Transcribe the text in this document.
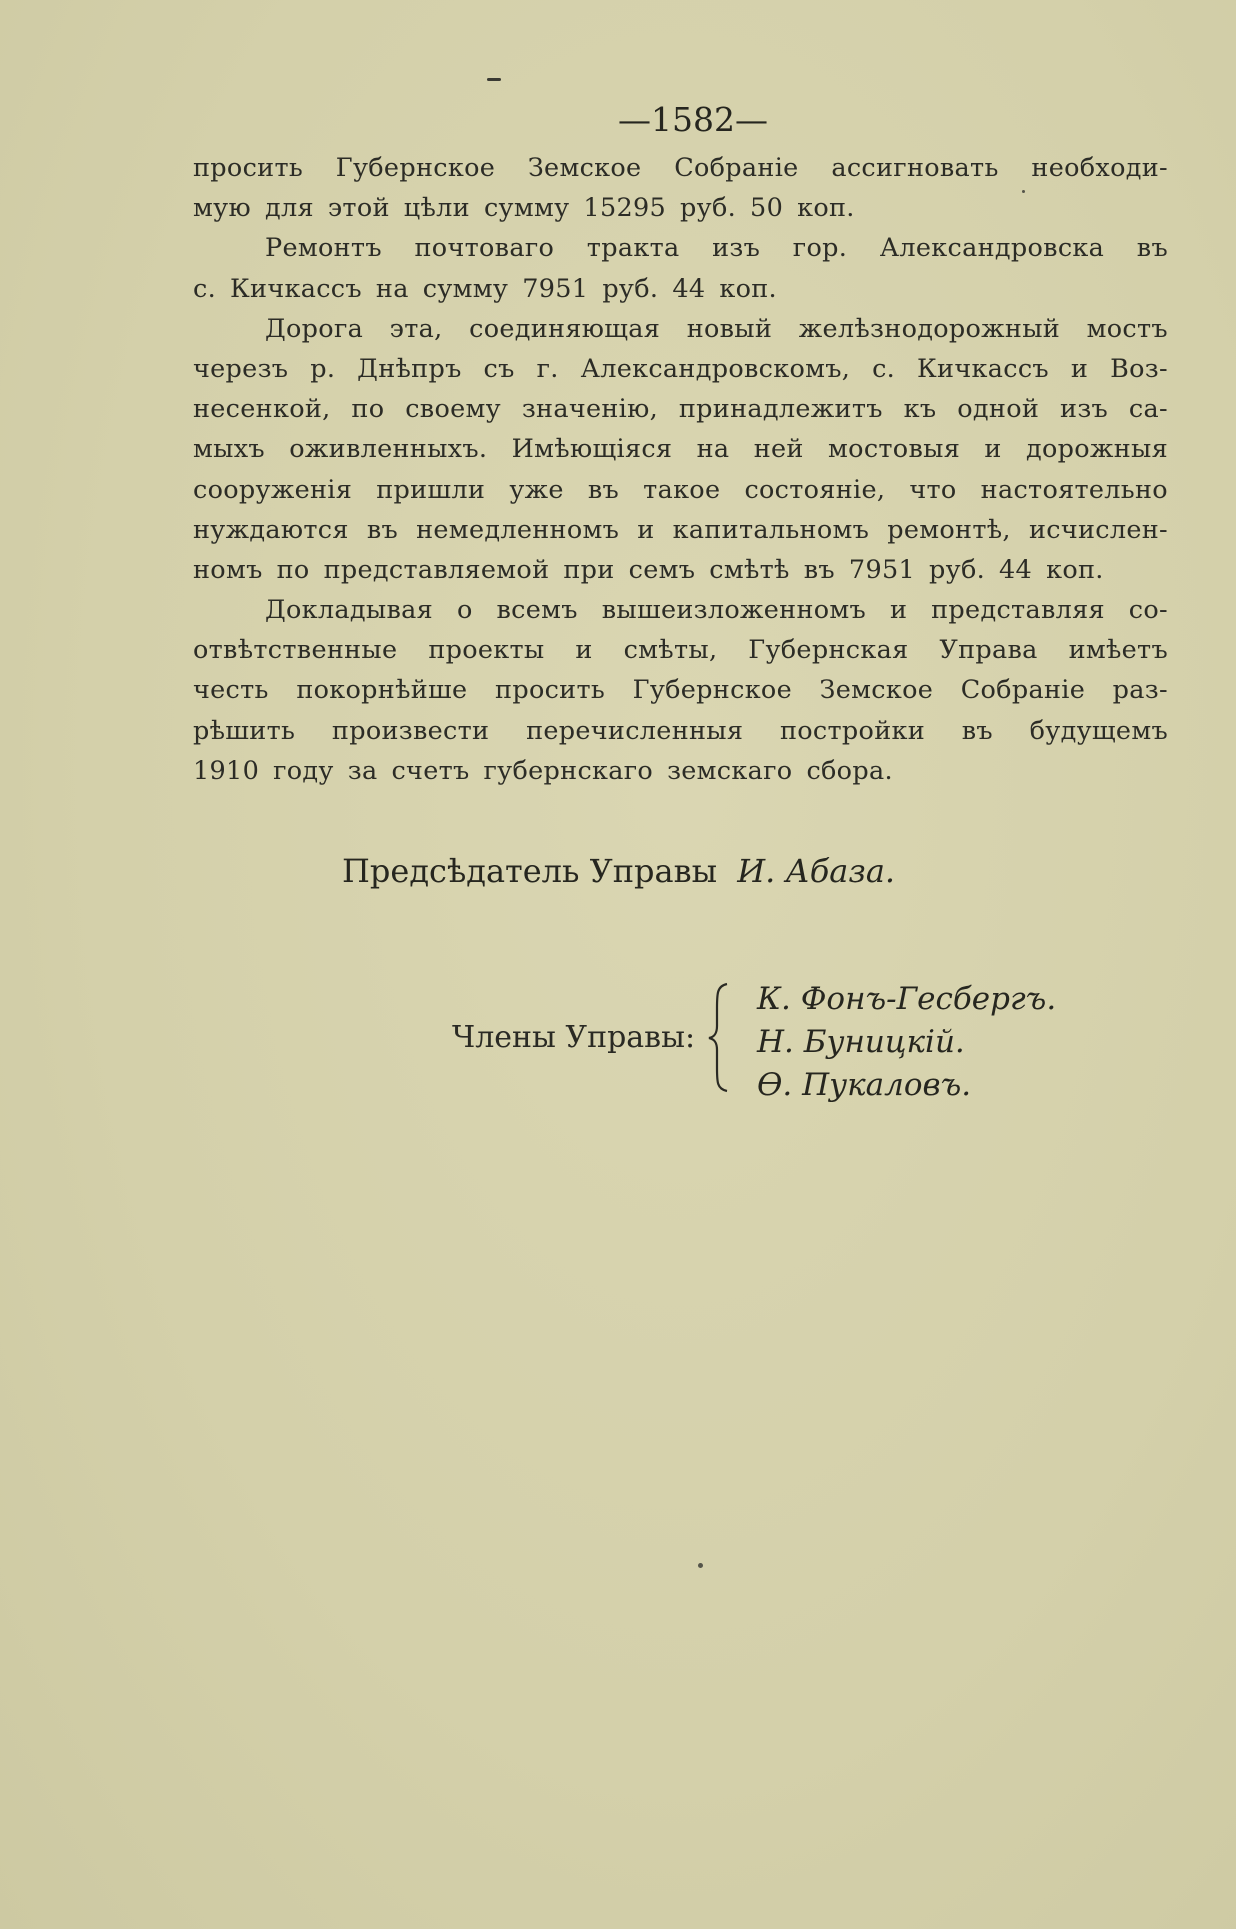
—1582—
просить Губернское Земское Собраніе ассигновать необходи-
мую для этой цѣли сумму 15295 руб. 50 коп.
Ремонтъ почтоваго тракта изъ гор. Александровска въ
с. Кичкассъ на сумму 7951 руб. 44 коп.
Дорога эта, соединяющая новый желѣзнодорожный мостъ
черезъ р. Днѣпръ съ г. Александровскомъ, с. Кичкассъ и Воз-
несенкой, по своему значенію, принадлежитъ къ одной изъ са-
мыхъ оживленныхъ. Имѣющіяся на ней мостовыя и дорожныя
сооруженія пришли уже въ такое состояніе, что настоятельно
нуждаются въ немедленномъ и капитальномъ ремонтѣ, исчислен-
номъ по представляемой при семъ смѣтѣ въ 7951 руб. 44 коп.
Докладывая о всемъ вышеизложенномъ и представляя со-
отвѣтственные проекты и смѣты, Губернская Управа имѣетъ
честь покорнѣйше просить Губернское Земское Собраніе раз-
рѣшить произвести перечисленныя постройки въ будущемъ
1910 году за счетъ губернскаго земскаго сбора.
Предсѣдатель Управы И. Абаза.
Члены Управы:
К. Фонъ-Гесбергъ.
Н. Буницкій.
Ѳ. Пукаловъ.
